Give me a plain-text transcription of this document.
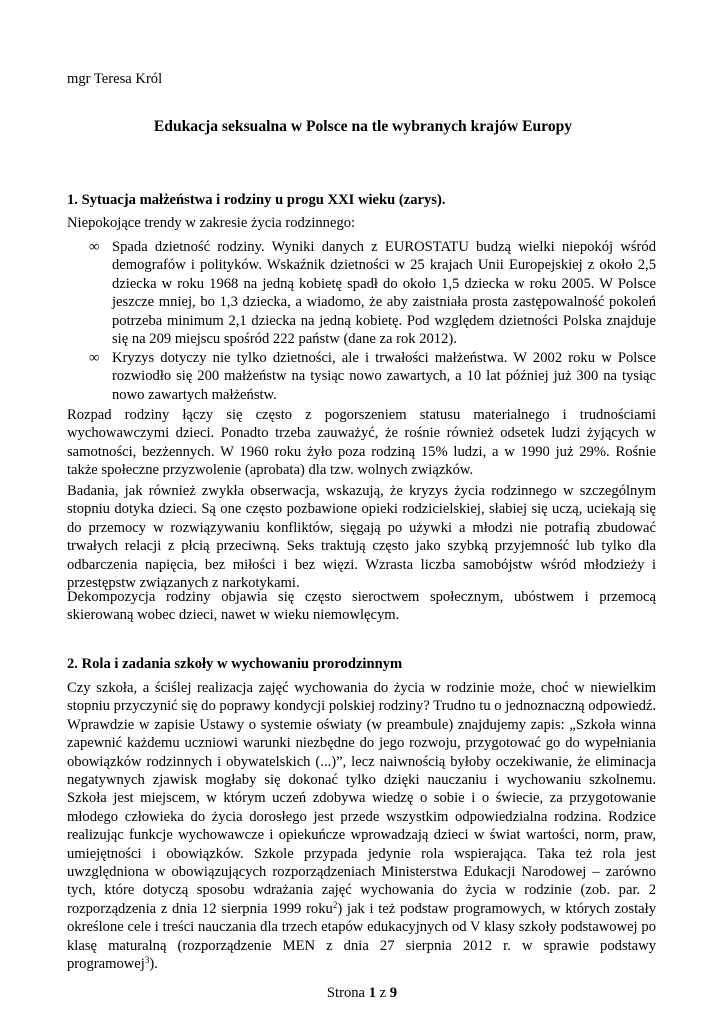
mgr Teresa Król
Edukacja seksualna w Polsce na tle wybranych krajów Europy

1. Sytuacja małżeństwa i rodziny u progu XXI wieku (zarys).

Niepokojące trendy w zakresie życia rodzinnego:

∞ Spada dzietność rodziny. Wyniki danych z EUROSTATU budzą wielki niepokój wśród demografów i polityków. Wskaźnik dzietności w 25 krajach Unii Europejskiej z około 2,5 dziecka w roku 1968 na jedną kobietę spadł do około 1,5 dziecka w roku 2005. W Polsce jeszcze mniej, bo 1,3 dziecka, a wiadomo, że aby zaistniała prosta zastępowalność pokoleń potrzeba minimum 2,1 dziecka na jedną kobietę. Pod względem dzietności Polska znajduje się na 209 miejscu spośród 222 państw (dane za rok 2012).
∞ Kryzys dotyczy nie tylko dzietności, ale i trwałości małżeństwa. W 2002 roku w Polsce rozwiodło się 200 małżeństw na tysiąc nowo zawartych, a 10 lat później już 300 na tysiąc nowo zawartych małżeństw.

Rozpad rodziny łączy się często z pogorszeniem statusu materialnego i trudnościami wychowawczymi dzieci. Ponadto trzeba zauważyć, że rośnie również odsetek ludzi żyjących w samotności, bezżennych. W 1960 roku żyło poza rodziną 15% ludzi, a w 1990 już 29%. Rośnie także społeczne przyzwolenie (aprobata) dla tzw. wolnych związków.

Badania, jak również zwykła obserwacja, wskazują, że kryzys życia rodzinnego w szczególnym stopniu dotyka dzieci. Są one często pozbawione opieki rodzicielskiej, słabiej się uczą, uciekają się do przemocy w rozwiązywaniu konfliktów, sięgają po używki a młodzi nie potrafią zbudować trwałych relacji z płcią przeciwną. Seks traktują często jako szybką przyjemność lub tylko dla odbarczenia napięcia, bez miłości i bez więzi. Wzrasta liczba samobójstw wśród młodzieży i przestępstw związanych z narkotykami.

Dekompozycja rodziny objawia się często sieroctwem społecznym, ubóstwem i przemocą skierowaną wobec dzieci, nawet w wieku niemowlęcym.

2. Rola i zadania szkoły w wychowaniu prorodzinnym

Czy szkoła, a ściślej realizacja zajęć wychowania do życia w rodzinie może, choć w niewielkim stopniu przyczynić się do poprawy kondycji polskiej rodziny? Trudno tu o jednoznaczną odpowiedź. Wprawdzie w zapisie Ustawy o systemie oświaty (w preambule) znajdujemy zapis: „Szkoła winna zapewnić każdemu uczniowi warunki niezbędne do jego rozwoju, przygotować go do wypełniania obowiązków rodzinnych i obywatelskich (...)”, lecz naiwnością byłoby oczekiwanie, że eliminacja negatywnych zjawisk mogłaby się dokonać tylko dzięki nauczaniu i wychowaniu szkolnemu. Szkoła jest miejscem, w którym uczeń zdobywa wiedzę o sobie i o świecie, za przygotowanie młodego człowieka do życia dorosłego jest przede wszystkim odpowiedzialna rodzina. Rodzice realizując funkcje wychowawcze i opiekuńcze wprowadzają dzieci w świat wartości, norm, praw, umiejętności i obowiązków. Szkole przypada jedynie rola wspierająca. Taka też rola jest uwzględniona w obowiązujących rozporządzeniach Ministerstwa Edukacji Narodowej – zarówno tych, które dotyczą sposobu wdrażania zajęć wychowania do życia w rodzinie (zob. par. 2 rozporządzenia z dnia 12 sierpnia 1999 roku$^2$) jak i też podstaw programowych, w których zostały określone cele i treści nauczania dla trzech etapów edukacyjnych od V klasy szkoły podstawowej po klasę maturalną (rozporządzenie MEN z dnia 27 sierpnia 2012 r. w sprawie podstawy programowej$^3$).

Strona 1 z 9
